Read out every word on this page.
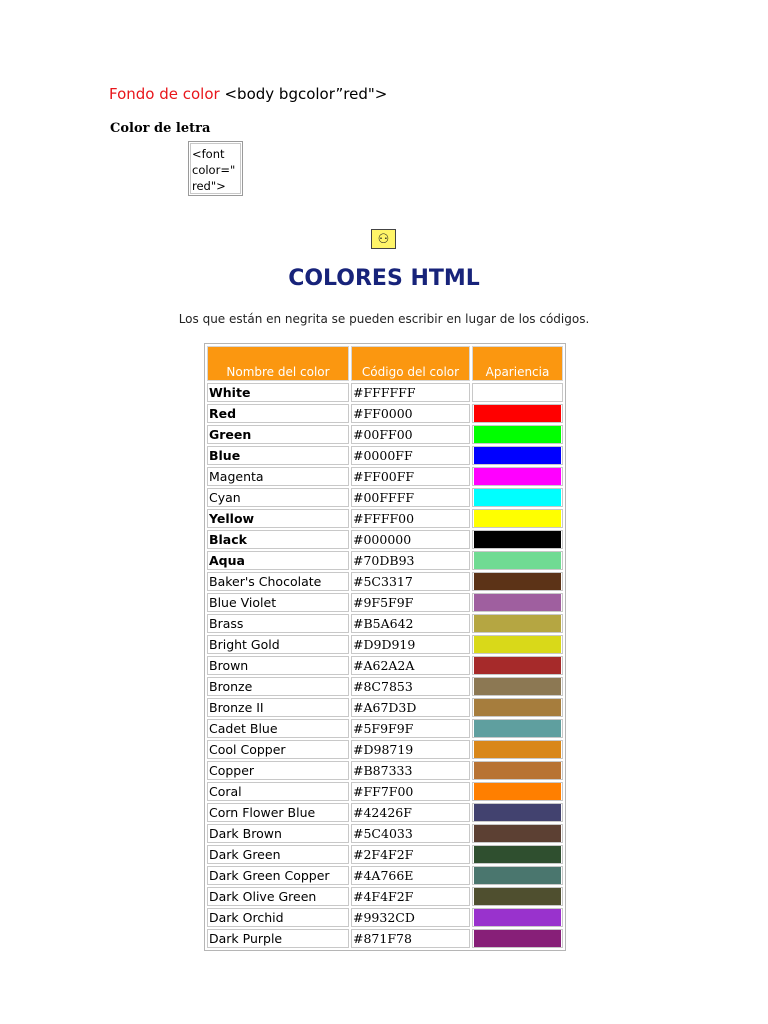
Fondo de color <body bgcolor”red">
Color de letra
<font
color="
red">
⚇
COLORES HTML
Los que están en negrita se pueden escribir en lugar de los códigos.
Nombre del color	Código del color	Apariencia
White	#FFFFFF	

Red	#FF0000	

Green	#00FF00	

Blue	#0000FF	

Magenta	#FF00FF	

Cyan	#00FFFF	

Yellow	#FFFF00	

Black	#000000	

Aqua	#70DB93	

Baker's Chocolate	#5C3317	

Blue Violet	#9F5F9F	

Brass	#B5A642	

Bright Gold	#D9D919	

Brown	#A62A2A	

Bronze	#8C7853	

Bronze II	#A67D3D	

Cadet Blue	#5F9F9F	

Cool Copper	#D98719	

Copper	#B87333	

Coral	#FF7F00	

Corn Flower Blue	#42426F	

Dark Brown	#5C4033	

Dark Green	#2F4F2F	

Dark Green Copper	#4A766E	

Dark Olive Green	#4F4F2F	

Dark Orchid	#9932CD	

Dark Purple	#871F78	
